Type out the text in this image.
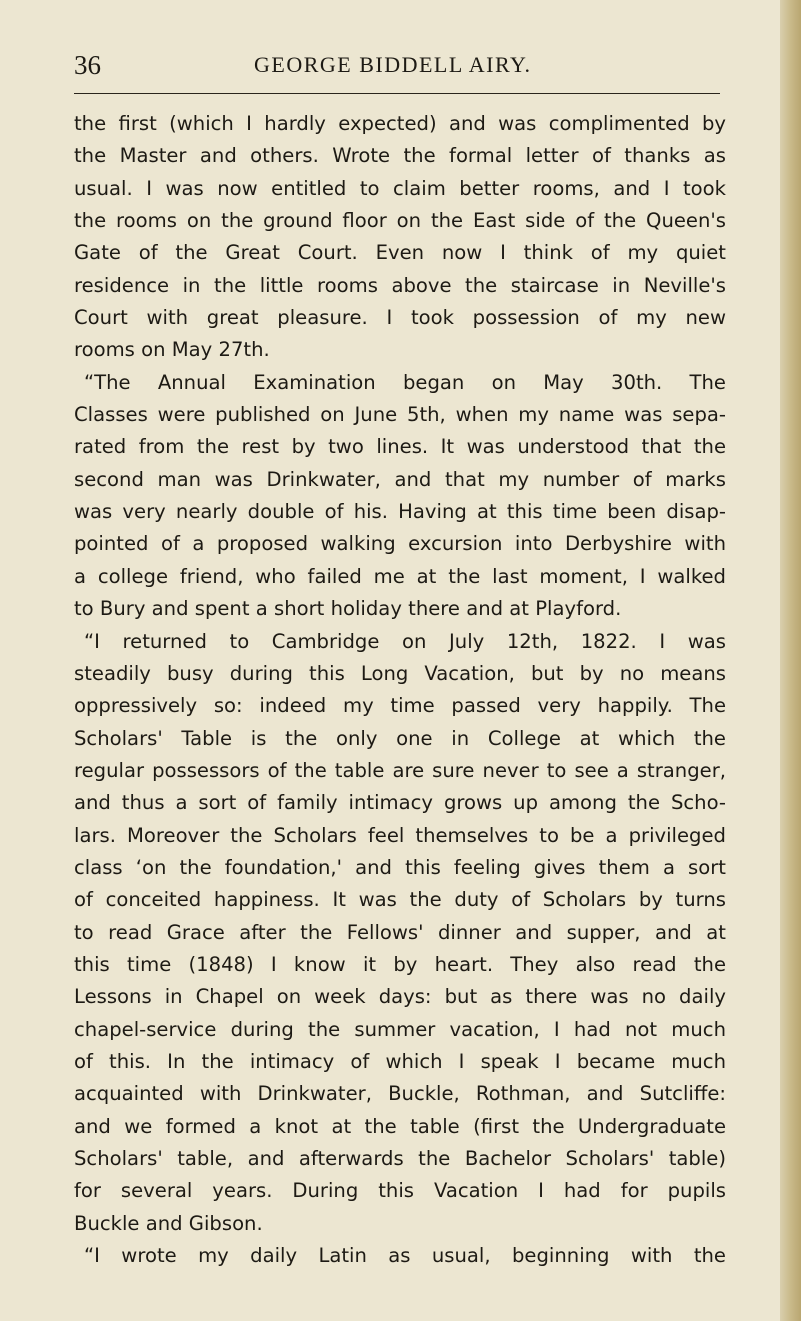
36	GEORGE BIDDELL AIRY.
the first (which I hardly expected) and was complimented by
the Master and others. Wrote the formal letter of thanks as
usual. I was now entitled to claim better rooms, and I took
the rooms on the ground floor on the East side of the Queen's
Gate of the Great Court. Even now I think of my quiet
residence in the little rooms above the staircase in Neville's
Court with great pleasure. I took possession of my new
rooms on May 27th.
“The Annual Examination began on May 30th. The
Classes were published on June 5th, when my name was sepa-
rated from the rest by two lines. It was understood that the
second man was Drinkwater, and that my number of marks
was very nearly double of his. Having at this time been disap-
pointed of a proposed walking excursion into Derbyshire with
a college friend, who failed me at the last moment, I walked
to Bury and spent a short holiday there and at Playford.
“I returned to Cambridge on July 12th, 1822. I was
steadily busy during this Long Vacation, but by no means
oppressively so: indeed my time passed very happily. The
Scholars' Table is the only one in College at which the
regular possessors of the table are sure never to see a stranger,
and thus a sort of family intimacy grows up among the Scho-
lars. Moreover the Scholars feel themselves to be a privileged
class ‘on the foundation,' and this feeling gives them a sort
of conceited happiness. It was the duty of Scholars by turns
to read Grace after the Fellows' dinner and supper, and at
this time (1848) I know it by heart. They also read the
Lessons in Chapel on week days: but as there was no daily
chapel-service during the summer vacation, I had not much
of this. In the intimacy of which I speak I became much
acquainted with Drinkwater, Buckle, Rothman, and Sutcliffe:
and we formed a knot at the table (first the Undergraduate
Scholars' table, and afterwards the Bachelor Scholars' table)
for several years. During this Vacation I had for pupils
Buckle and Gibson.
“I wrote my daily Latin as usual, beginning with the
